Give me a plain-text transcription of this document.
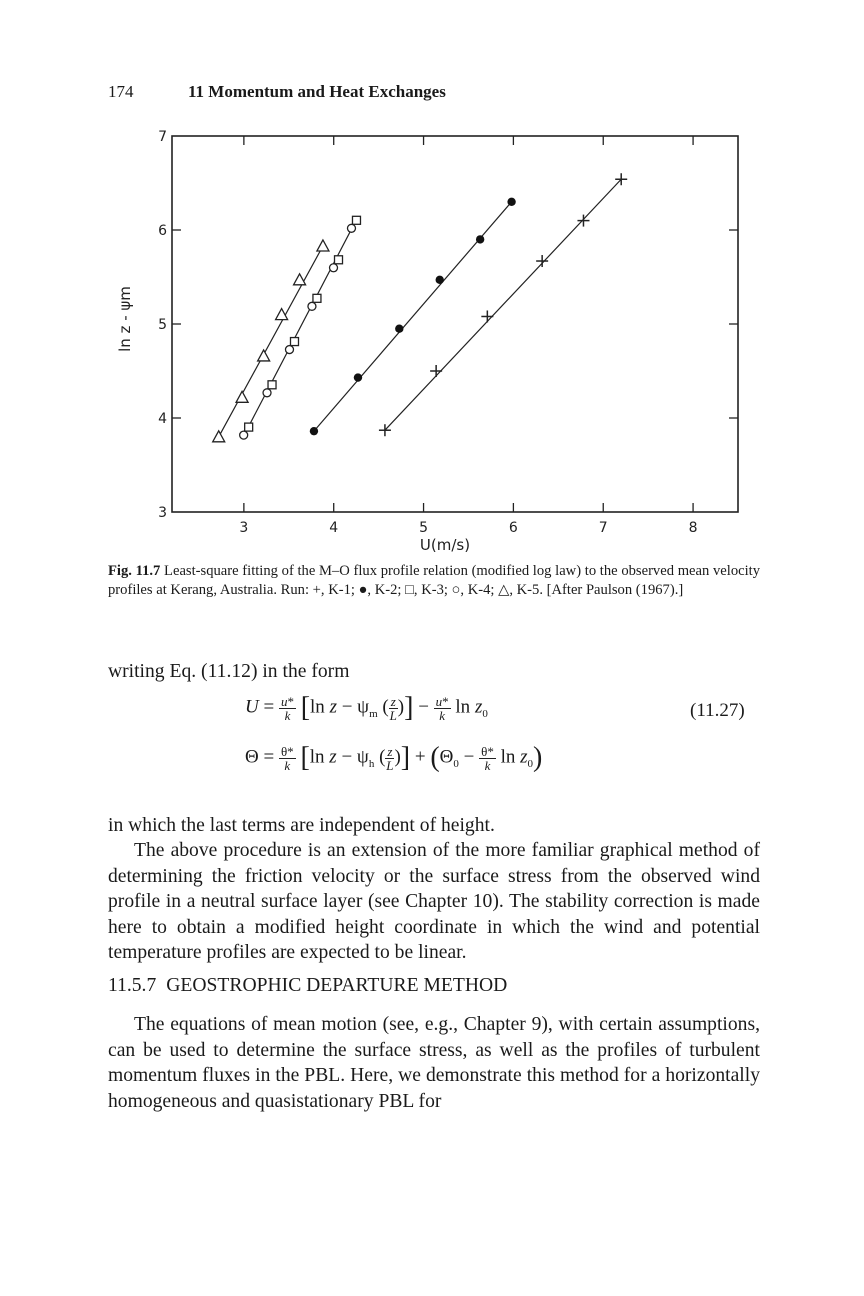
174	11 Momentum and Heat Exchanges
3	4	5	6	7	8
3
4
5
6
7
U(m/s)
ln z - ψm
Fig. 11.7 Least-square fitting of the M–O flux profile relation (modified log law) to the observed mean velocity profiles at Kerang, Australia. Run: +, K-1; ●, K-2; □, K-3; ○, K-4; △, K-5. [After Paulson (1967).]
writing Eq. (11.12) in the form
$U = \frac{u*}{k} [\ln$ $z - \psi_m$ ( $\frac{z}{L}$ )] − $\frac{u*}{k}$ $\ln z_0$
$\Theta = \frac{\theta*}{k} [\ln$ $z - \psi_h$ ( $\frac{z}{L}$ )] + ($\Theta_0 - \frac{\theta*}{k}$ $\ln z_0$)
(11.27)
in which the last terms are independent of height.
The above procedure is an extension of the more familiar graphical method of determining the friction velocity or the surface stress from the observed wind profile in a neutral surface layer (see Chapter 10). The stability correction is made here to obtain a modified height coordinate in which the wind and potential temperature profiles are expected to be linear.
11.5.7 GEOSTROPHIC DEPARTURE METHOD
The equations of mean motion (see, e.g., Chapter 9), with certain assumptions, can be used to determine the surface stress, as well as the profiles of turbulent momentum fluxes in the PBL. Here, we demonstrate this method for a horizontally homogeneous and quasistationary PBL for
